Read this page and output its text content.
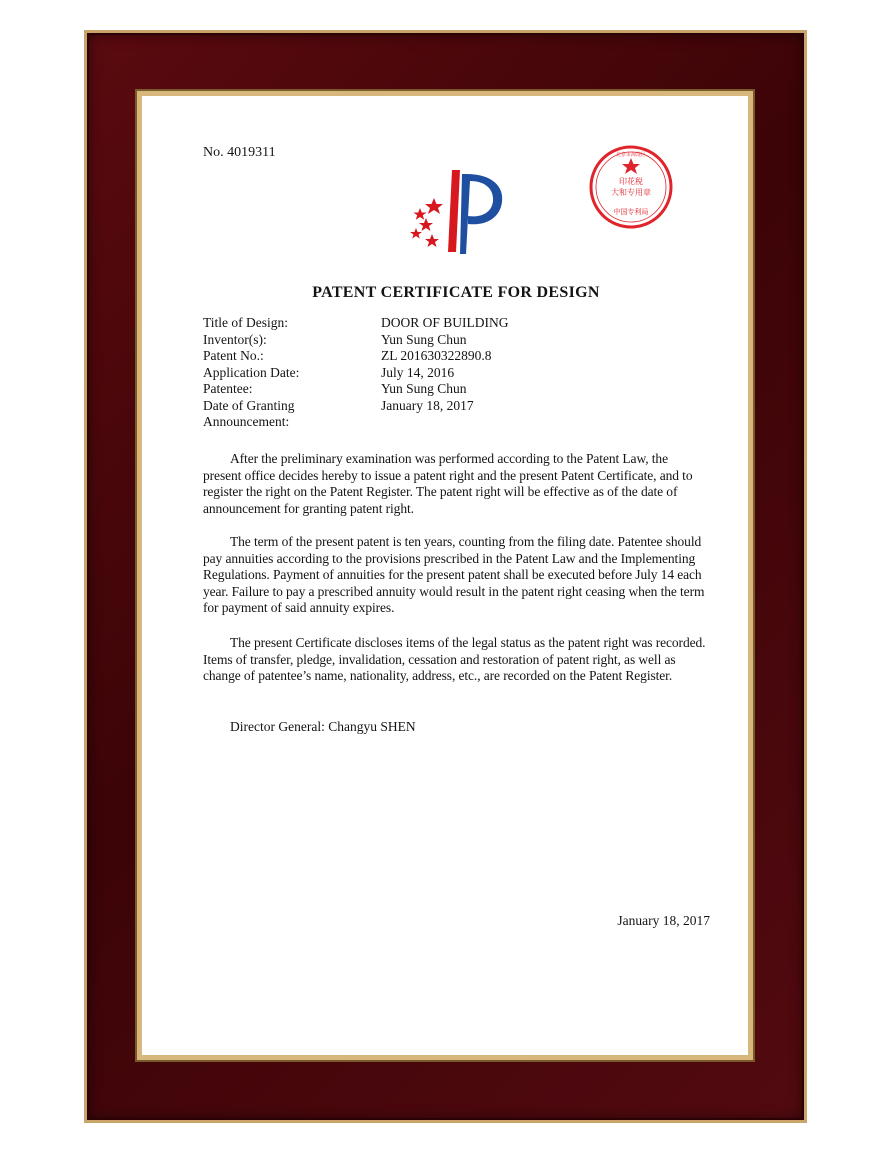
No. 4019311
印花税
大和专用章
中国专利局
北京市海淀区
PATENT CERTIFICATE FOR DESIGN
Title of Design:	DOOR OF BUILDING
Inventor(s):	Yun Sung Chun
Patent No.:	ZL 201630322890.8
Application Date:	July 14, 2016
Patentee:	Yun Sung Chun
Date of Granting	January 18, 2017
Announcement:

After the preliminary examination was performed according to the Patent Law, the present office decides hereby to issue a patent right and the present Patent Certificate, and to register the right on the Patent Register. The patent right will be effective as of the date of announcement for granting patent right.

The term of the present patent is ten years, counting from the filing date. Patentee should pay annuities according to the provisions prescribed in the Patent Law and the Implementing Regulations. Payment of annuities for the present patent shall be executed before July 14 each year. Failure to pay a prescribed annuity would result in the patent right ceasing when the term for payment of said annuity expires.

The present Certificate discloses items of the legal status as the patent right was recorded. Items of transfer, pledge, invalidation, cessation and restoration of patent right, as well as change of patentee’s name, nationality, address, etc., are recorded on the Patent Register.

Director General: Changyu SHEN
January 18, 2017
